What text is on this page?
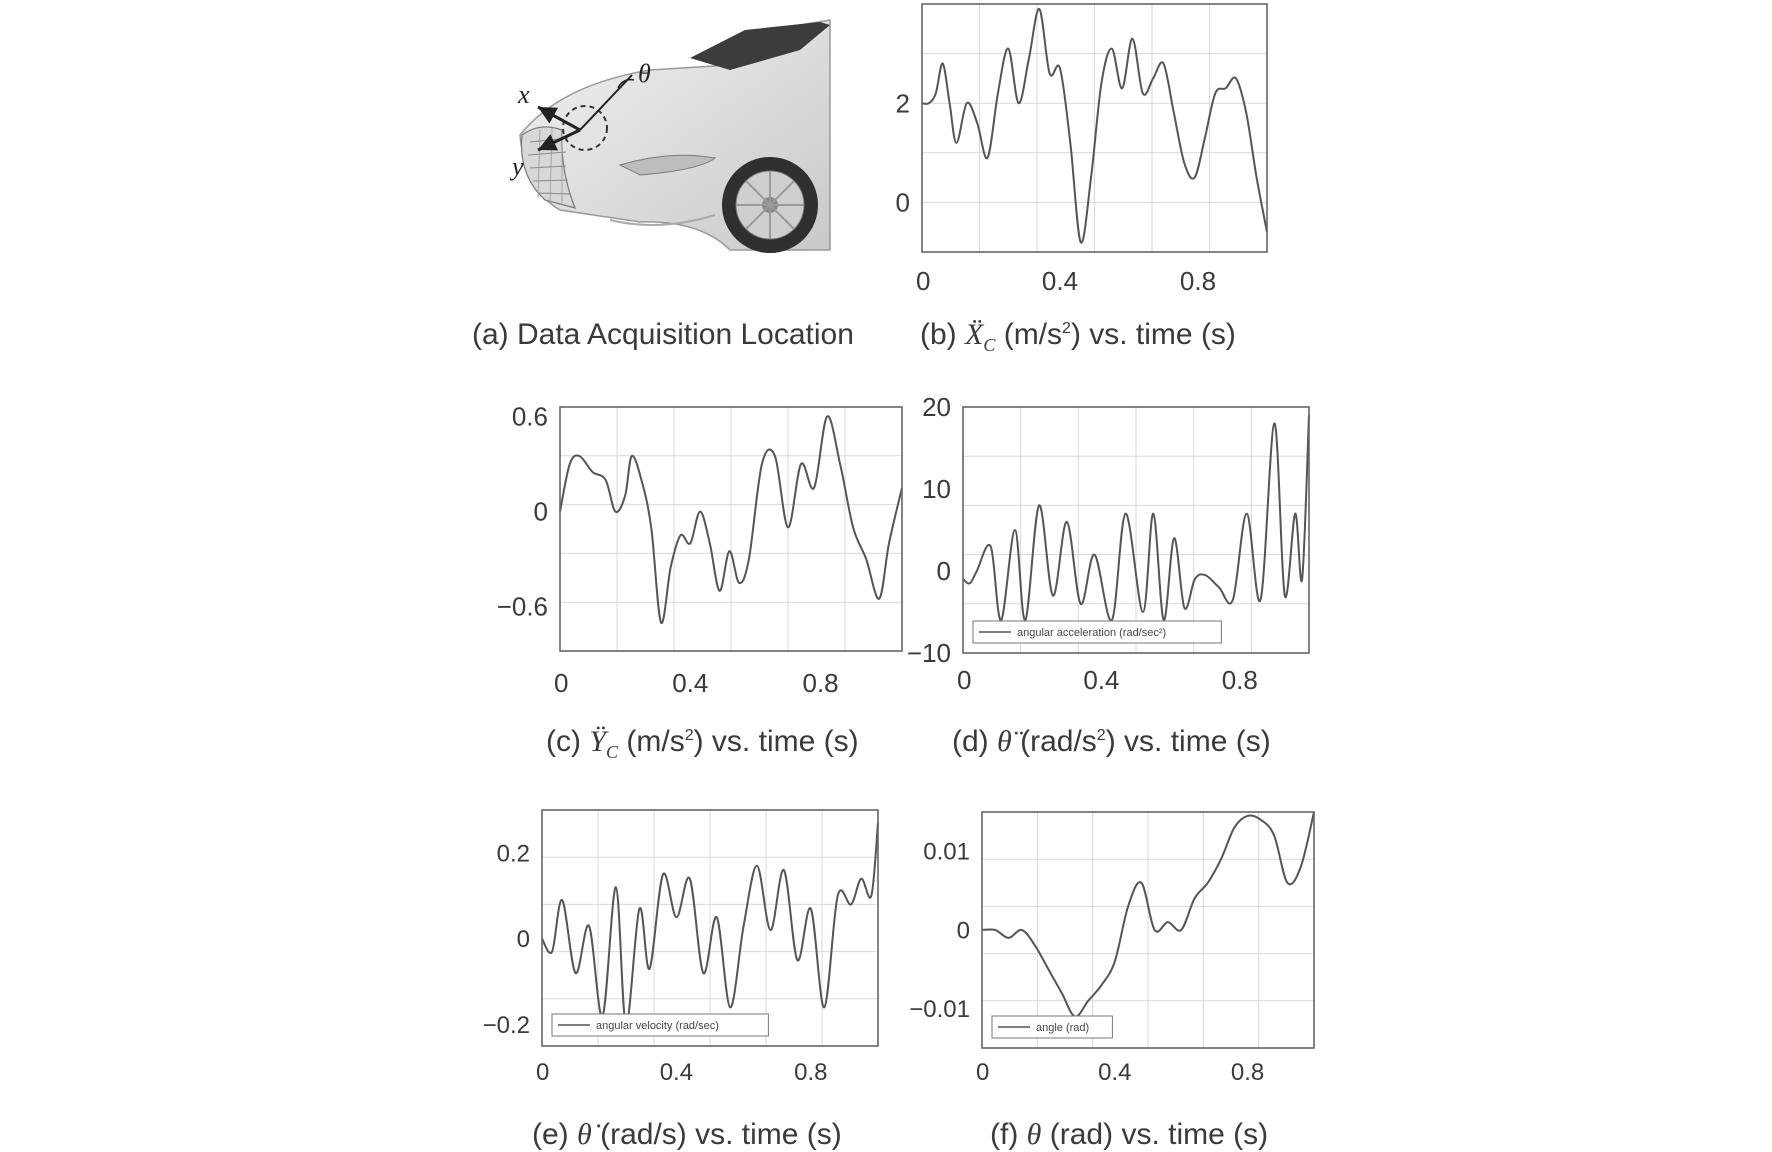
x
y
θ
0	0.4	0.8
0
2
0	0.4	0.8
−0.6
0
0.6
0	0.4	0.8
−10
0
10
20
angular acceleration (rad/sec²)
0	0.4	0.8
−0.2
0
0.2
angular velocity (rad/sec)
0	0.4	0.8
−0.01
0
0.01
angle (rad)
(a) Data Acquisition Location (b) Ẍ$_C$ $(m/s^2)$ vs. time (s)
(c) $Ÿ_C$ $(m/s^2)$ vs. time (s)	(d) θ̈ $(rad/s^2)$ vs. time (s)
(e) θ̇ (rad/s) vs. time (s)	(f) θ (rad) vs. time (s)
